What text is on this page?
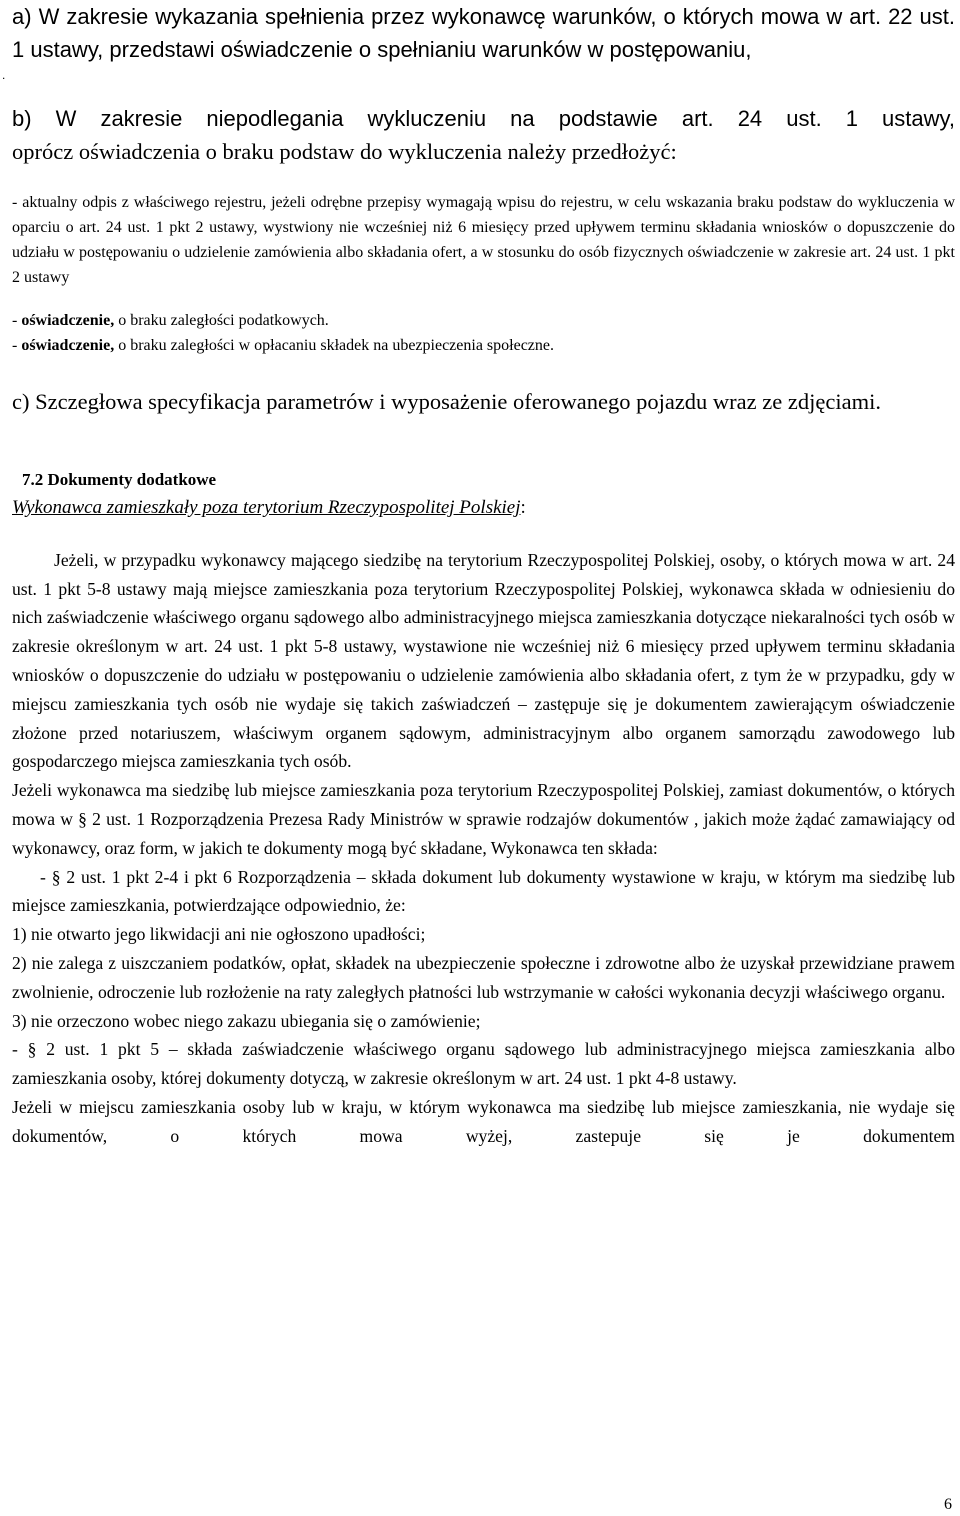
a) W zakresie wykazania spełnienia przez wykonawcę warunków, o których mowa w art. 22 ust. 1 ustawy, przedstawi oświadczenie o spełnianiu warunków w postępowaniu,

.

b) W zakresie niepodlegania wykluczeniu na podstawie art. 24 ust. 1 ustawy,

oprócz oświadczenia o braku podstaw do wykluczenia należy przedłożyć:

- aktualny odpis z właściwego rejestru, jeżeli odrębne przepisy wymagają wpisu do rejestru, w celu wskazania braku podstaw do wykluczenia w oparciu o art. 24 ust. 1 pkt 2 ustawy, wystwiony nie wcześniej niż 6 miesięcy przed upływem terminu składania wniosków o dopuszczenie do udziału w postępowaniu o udzielenie zamówienia albo składania ofert, a w stosunku do osób fizycznych oświadczenie w zakresie art. 24 ust. 1 pkt 2 ustawy

- oświadczenie, o braku zaległości podatkowych.

- oświadczenie, o braku zaległości w opłacaniu składek na ubezpieczenia społeczne.

c) Szczegłowa specyfikacja parametrów i wyposażenie oferowanego pojazdu wraz ze zdjęciami.

7.2 Dokumenty dodatkowe

Wykonawca zamieszkały poza terytorium Rzeczypospolitej Polskiej:

Jeżeli, w przypadku wykonawcy mającego siedzibę na terytorium Rzeczypospolitej Polskiej, osoby, o których mowa w art. 24 ust. 1 pkt 5-8 ustawy mają miejsce zamieszkania poza terytorium Rzeczypospolitej Polskiej, wykonawca składa w odniesieniu do nich zaświadczenie właściwego organu sądowego albo administracyjnego miejsca zamieszkania dotyczące niekaralności tych osób w zakresie określonym w art. 24 ust. 1 pkt 5-8 ustawy, wystawione nie wcześniej niż 6 miesięcy przed upływem terminu składania wniosków o dopuszczenie do udziału w postępowaniu o udzielenie zamówienia albo składania ofert, z tym że w przypadku, gdy w miejscu zamieszkania tych osób nie wydaje się takich zaświadczeń – zastępuje się je dokumentem zawierającym oświadczenie złożone przed notariuszem, właściwym organem sądowym, administracyjnym albo organem samorządu zawodowego lub gospodarczego miejsca zamieszkania tych osób.

Jeżeli wykonawca ma siedzibę lub miejsce zamieszkania poza terytorium Rzeczypospolitej Polskiej, zamiast dokumentów, o których mowa w § 2 ust. 1 Rozporządzenia Prezesa Rady Ministrów w sprawie rodzajów dokumentów , jakich może żądać zamawiający od wykonawcy, oraz form, w jakich te dokumenty mogą być składane, Wykonawca ten składa:

- § 2 ust. 1 pkt 2-4 i pkt 6 Rozporządzenia – składa dokument lub dokumenty wystawione w kraju, w którym ma siedzibę lub miejsce zamieszkania, potwierdzające odpowiednio, że:

1) nie otwarto jego likwidacji ani nie ogłoszono upadłości;

2) nie zalega z uiszczaniem podatków, opłat, składek na ubezpieczenie społeczne i zdrowotne albo że uzyskał przewidziane prawem zwolnienie, odroczenie lub rozłożenie na raty zaległych płatności lub wstrzymanie w całości wykonania decyzji właściwego organu.

3) nie orzeczono wobec niego zakazu ubiegania się o zamówienie;

- § 2 ust. 1 pkt 5 – składa zaświadczenie właściwego organu sądowego lub administracyjnego miejsca zamieszkania albo zamieszkania osoby, której dokumenty dotyczą, w zakresie określonym w art. 24 ust. 1 pkt 4-8 ustawy.

Jeżeli w miejscu zamieszkania osoby lub w kraju, w którym wykonawca ma siedzibę lub miejsce zamieszkania, nie wydaje się dokumentów, o których mowa wyżej, zastepuje się je dokumentem

6
